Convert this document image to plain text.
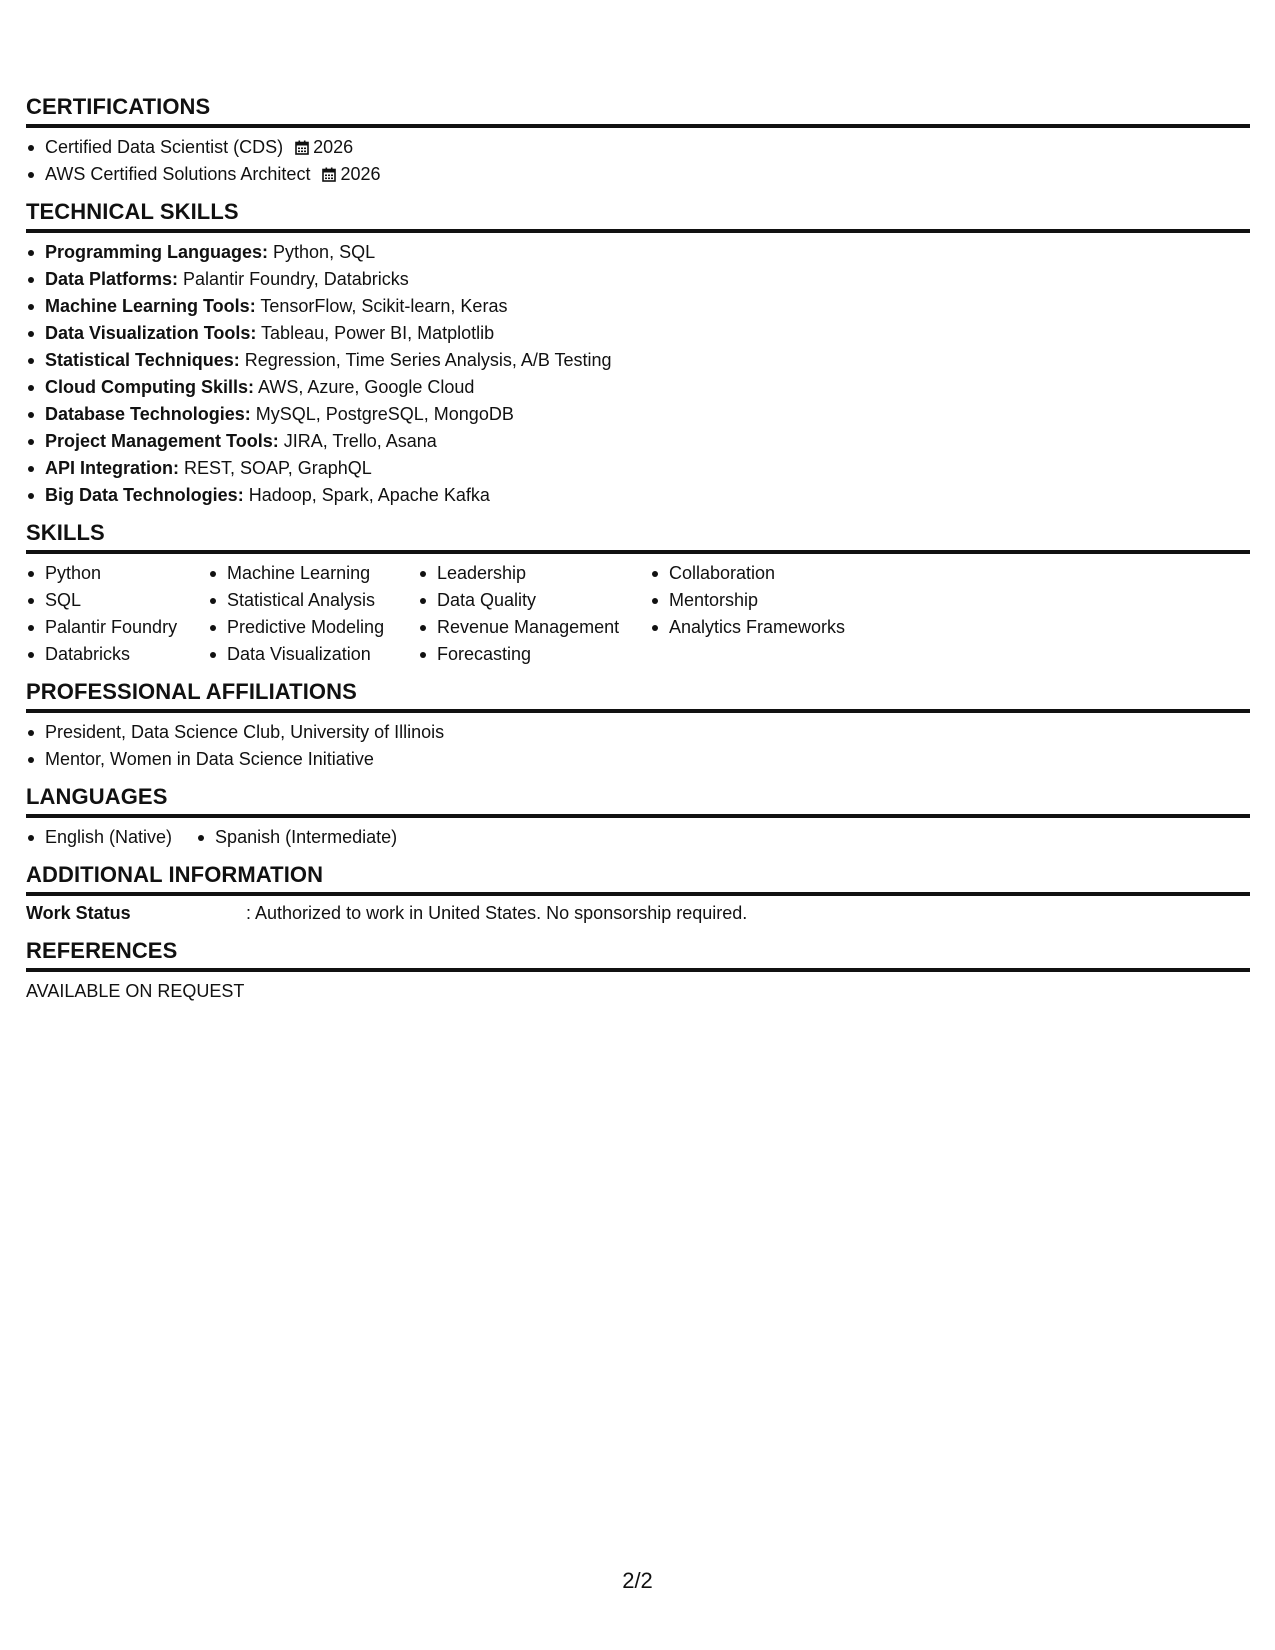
CERTIFICATIONS
Certified Data Scientist (CDS) 2026
AWS Certified Solutions Architect 2026
TECHNICAL SKILLS
Programming Languages: Python, SQL
Data Platforms: Palantir Foundry, Databricks
Machine Learning Tools: TensorFlow, Scikit-learn, Keras
Data Visualization Tools: Tableau, Power BI, Matplotlib
Statistical Techniques: Regression, Time Series Analysis, A/B Testing
Cloud Computing Skills: AWS, Azure, Google Cloud
Database Technologies: MySQL, PostgreSQL, MongoDB
Project Management Tools: JIRA, Trello, Asana
API Integration: REST, SOAP, GraphQL
Big Data Technologies: Hadoop, Spark, Apache Kafka
SKILLS
Python
SQL
Palantir Foundry
Databricks
Machine Learning
Statistical Analysis
Predictive Modeling
Data Visualization
Leadership
Data Quality
Revenue Management
Forecasting
Collaboration
Mentorship
Analytics Frameworks
PROFESSIONAL AFFILIATIONS
President, Data Science Club, University of Illinois
Mentor, Women in Data Science Initiative
LANGUAGES
English (Native)	Spanish (Intermediate)
ADDITIONAL INFORMATION
Work Status	: Authorized to work in United States. No sponsorship required.
REFERENCES
AVAILABLE ON REQUEST
2/2
